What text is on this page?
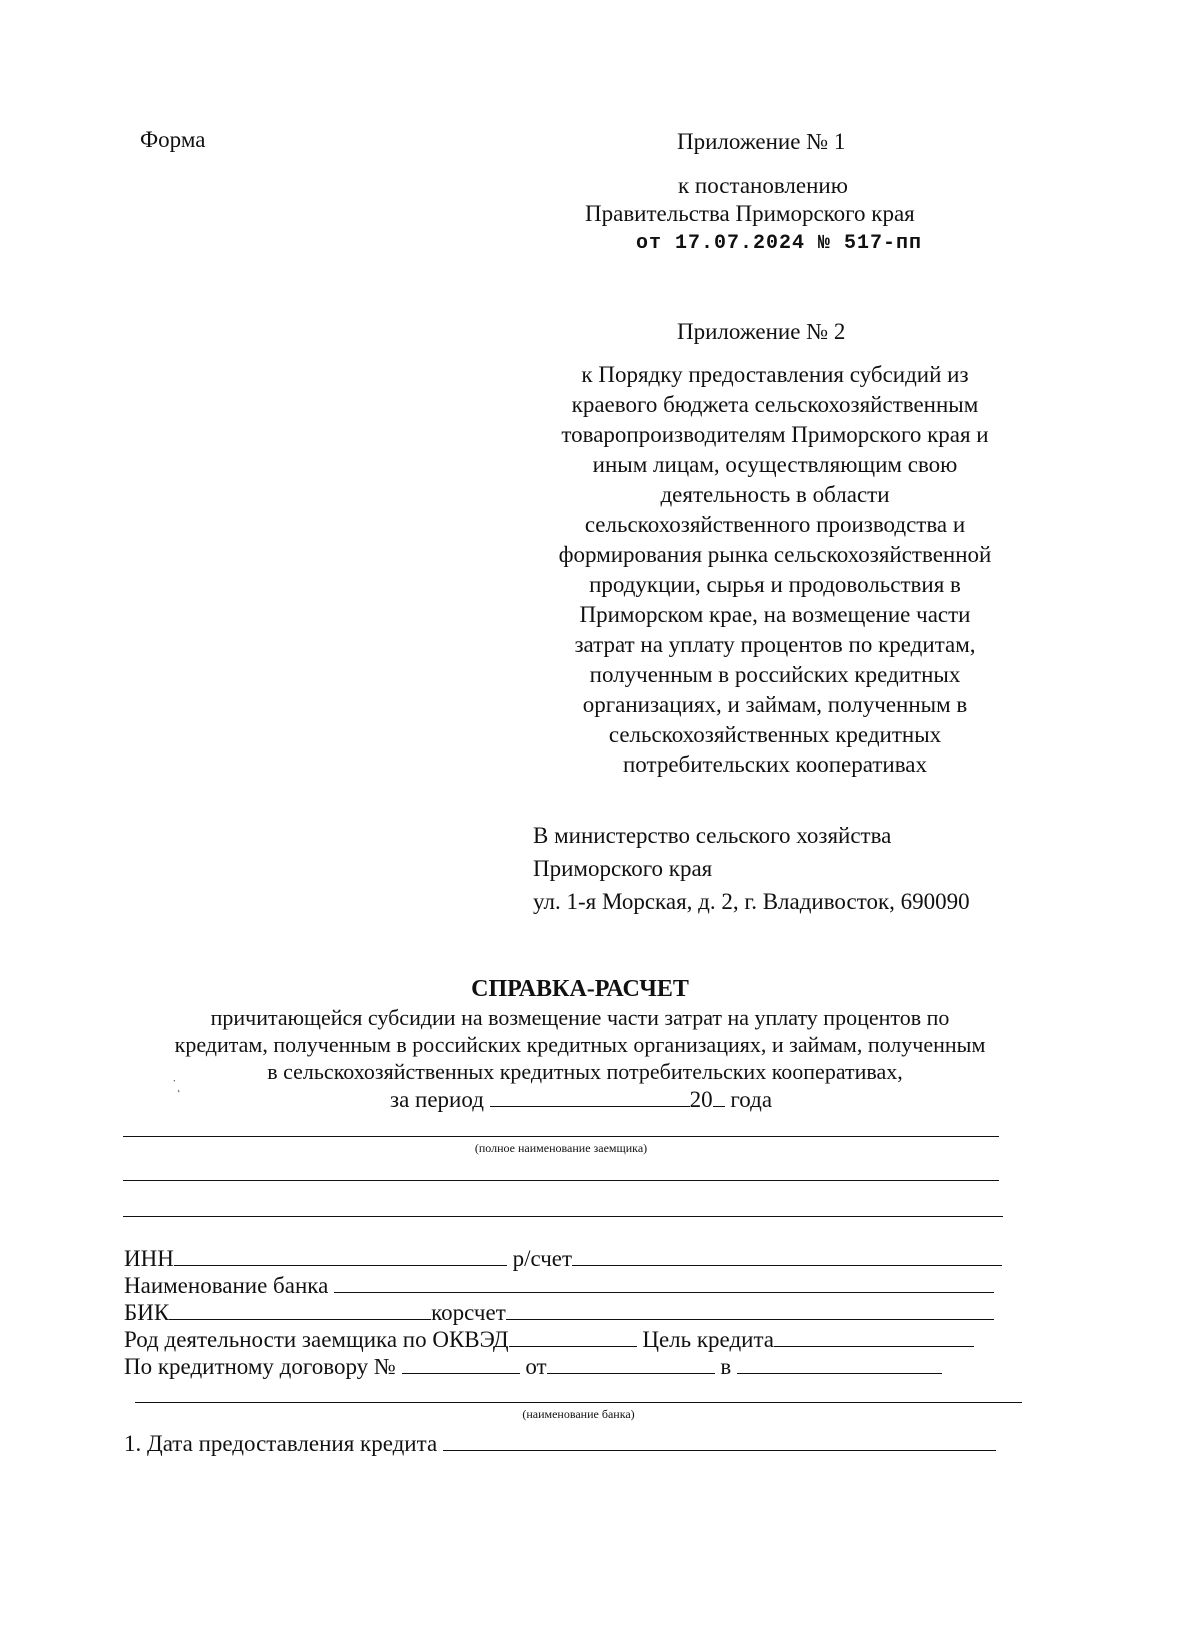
Форма	Приложение № 1
к постановлению
Правительства Приморского края
от 17.07.2024 № 517-пп
Приложение № 2
к Порядку предоставления субсидий из
краевого бюджета сельскохозяйственным
товаропроизводителям Приморского края и
иным лицам, осуществляющим свою
деятельность в области
сельскохозяйственного производства и
формирования рынка сельскохозяйственной
продукции, сырья и продовольствия в
Приморском крае, на возмещение части
затрат на уплату процентов по кредитам,
полученным в российских кредитных
организациях, и займам, полученным в
сельскохозяйственных кредитных
потребительских кооперативах
В министерство сельского хозяйства
Приморского края
ул. 1-я Морская, д. 2, г. Владивосток, 690090
СПРАВКА-РАСЧЕТ
причитающейся субсидии на возмещение части затрат на уплату процентов по
кредитам, полученным в российских кредитных организациях, и займам, полученным
в сельскохозяйственных кредитных потребительских кооперативах,
˙ͺ
за период	20 года
(полное наименование заемщика)
ИНН	р/счет
Наименование банка
БИК	корсчет
Род деятельности заемщика по ОКВЭД	Цель кредита
По кредитному договору №	от	в
(наименование банка)
1. Дата предоставления кредита
